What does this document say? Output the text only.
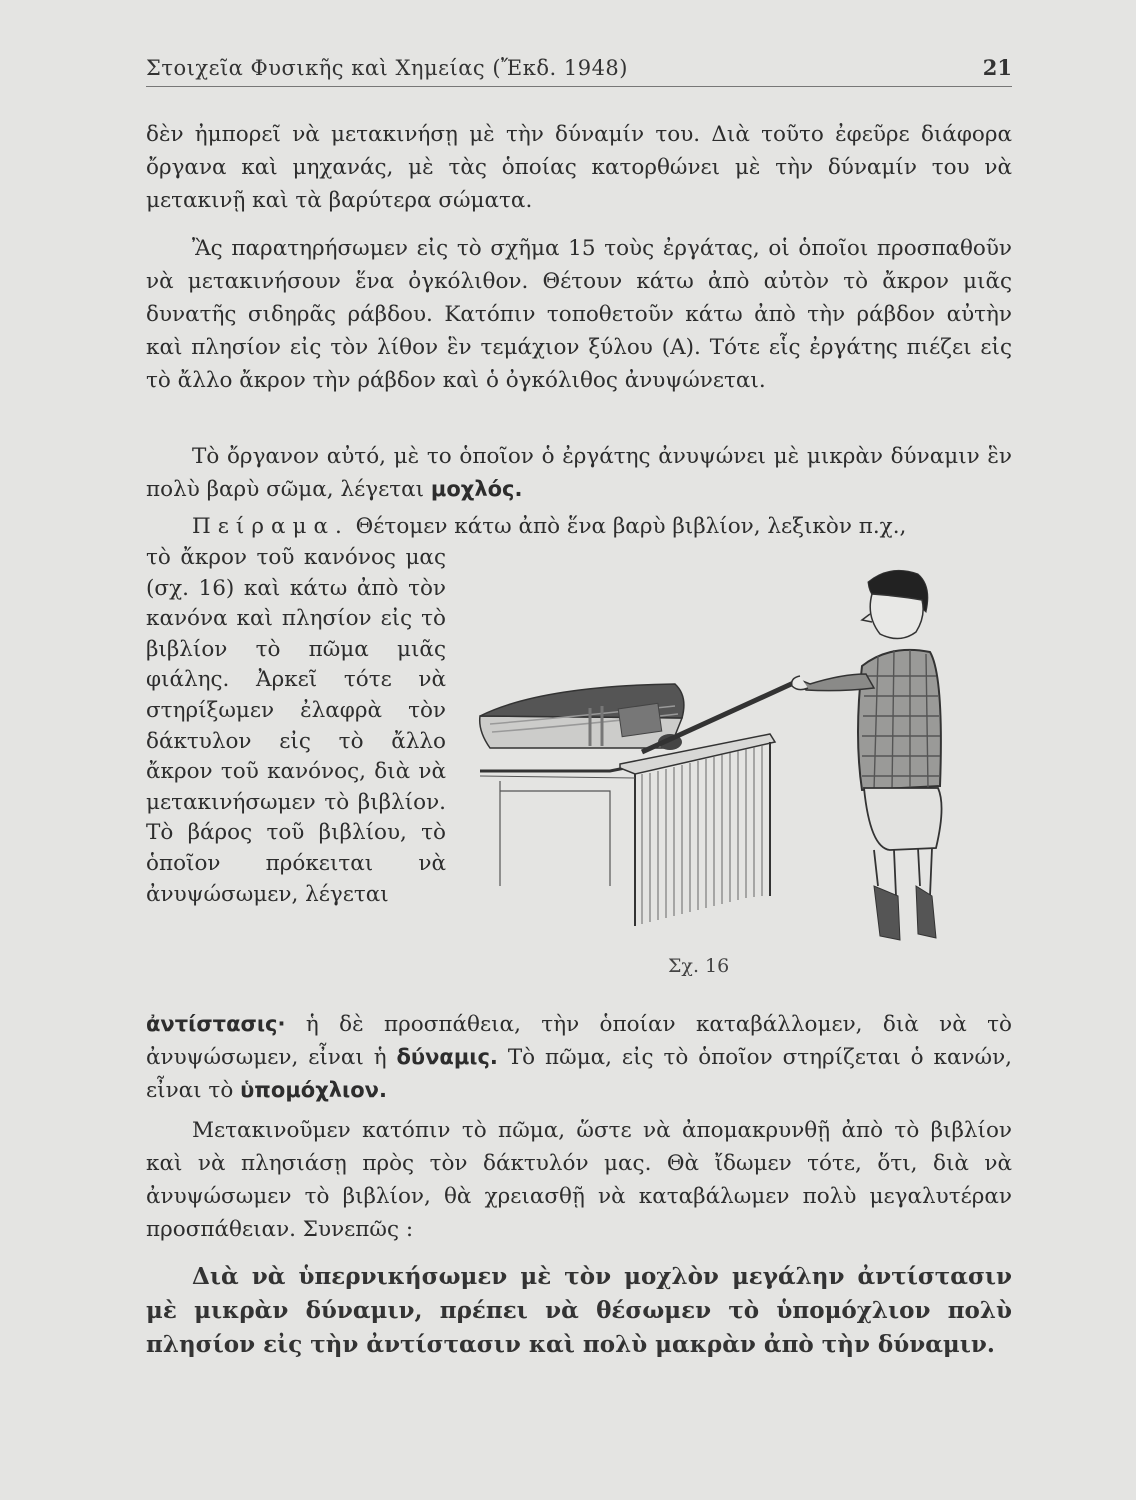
Στοιχεῖα Φυσικῆς καὶ Χημείας (Ἔκδ. 1948)	21

δὲν ἠμπορεῖ νὰ μετακινήσῃ μὲ τὴν δύναμίν του. Διὰ τοῦτο ἐφεῦρε διάφορα ὄργανα καὶ μηχανάς, μὲ τὰς ὁποίας κατορθώνει μὲ τὴν δύναμίν του νὰ μετακινῇ καὶ τὰ βαρύτερα σώματα.

Ἂς παρατηρήσωμεν εἰς τὸ σχῆμα 15 τοὺς ἐργάτας, οἱ ὁποῖοι προσπαθοῦν νὰ μετακινήσουν ἕνα ὀγκόλιθον. Θέτουν κάτω ἀπὸ αὐτὸν τὸ ἄκρον μιᾶς δυνατῆς σιδηρᾶς ράβδου. Κατόπιν τοποθετοῦν κάτω ἀπὸ τὴν ράβδον αὐτὴν καὶ πλησίον εἰς τὸν λίθον ἓν τεμάχιον ξύλου (Α). Τότε εἷς ἐργάτης πιέζει εἰς τὸ ἄλλο ἄκρον τὴν ράβδον καὶ ὁ ὀγκόλιθος ἀνυψώνεται.

Τὸ ὄργανον αὐτό, μὲ το ὁποῖον ὁ ἐργάτης ἀνυψώνει μὲ μικρὰν δύναμιν ἓν πολὺ βαρὺ σῶμα, λέγεται μοχλός.

Πείραμα. Θέτομεν κάτω ἀπὸ ἕνα βαρὺ βιβλίον, λεξικὸν π.χ.,

τὸ ἄκρον τοῦ κανόνος μας (σχ. 16) καὶ κάτω ἀπὸ τὸν κανόνα καὶ πλησίον εἰς τὸ βιβλίον τὸ πῶμα μιᾶς φιάλης. Ἀρκεῖ τότε νὰ στηρίξωμεν ἐλαφρὰ τὸν δάκτυλον εἰς τὸ ἄλλο ἄκρον τοῦ κανόνος, διὰ νὰ μετακινήσωμεν τὸ βιβλίον. Τὸ βάρος τοῦ βιβλίου, τὸ ὁποῖον πρόκειται νὰ ἀνυψώσωμεν, λέγεται

ἀντίστασις· ἡ δὲ προσπάθεια, τὴν ὁποίαν καταβάλλομεν, διὰ νὰ τὸ ἀνυψώσωμεν, εἶναι ἡ δύναμις. Τὸ πῶμα, εἰς τὸ ὁποῖον στηρίζεται ὁ κανών, εἶναι τὸ ὑπομόχλιον.

Σχ. 16

Μετακινοῦμεν κατόπιν τὸ πῶμα, ὥστε νὰ ἀπομακρυνθῇ ἀπὸ τὸ βιβλίον καὶ νὰ πλησιάσῃ πρὸς τὸν δάκτυλόν μας. Θὰ ἴδωμεν τότε, ὅτι, διὰ νὰ ἀνυψώσωμεν τὸ βιβλίον, θὰ χρειασθῇ νὰ καταβάλωμεν πολὺ μεγαλυτέραν προσπάθειαν. Συνεπῶς :

Διὰ νὰ ὑπερνικήσωμεν μὲ τὸν μοχλὸν μεγάλην ἀντίστασιν μὲ μικρὰν δύναμιν, πρέπει νὰ θέσωμεν τὸ ὑπομόχλιον πολὺ πλησίον εἰς τὴν ἀντίστασιν καὶ πολὺ μακρὰν ἀπὸ τὴν δύναμιν.
